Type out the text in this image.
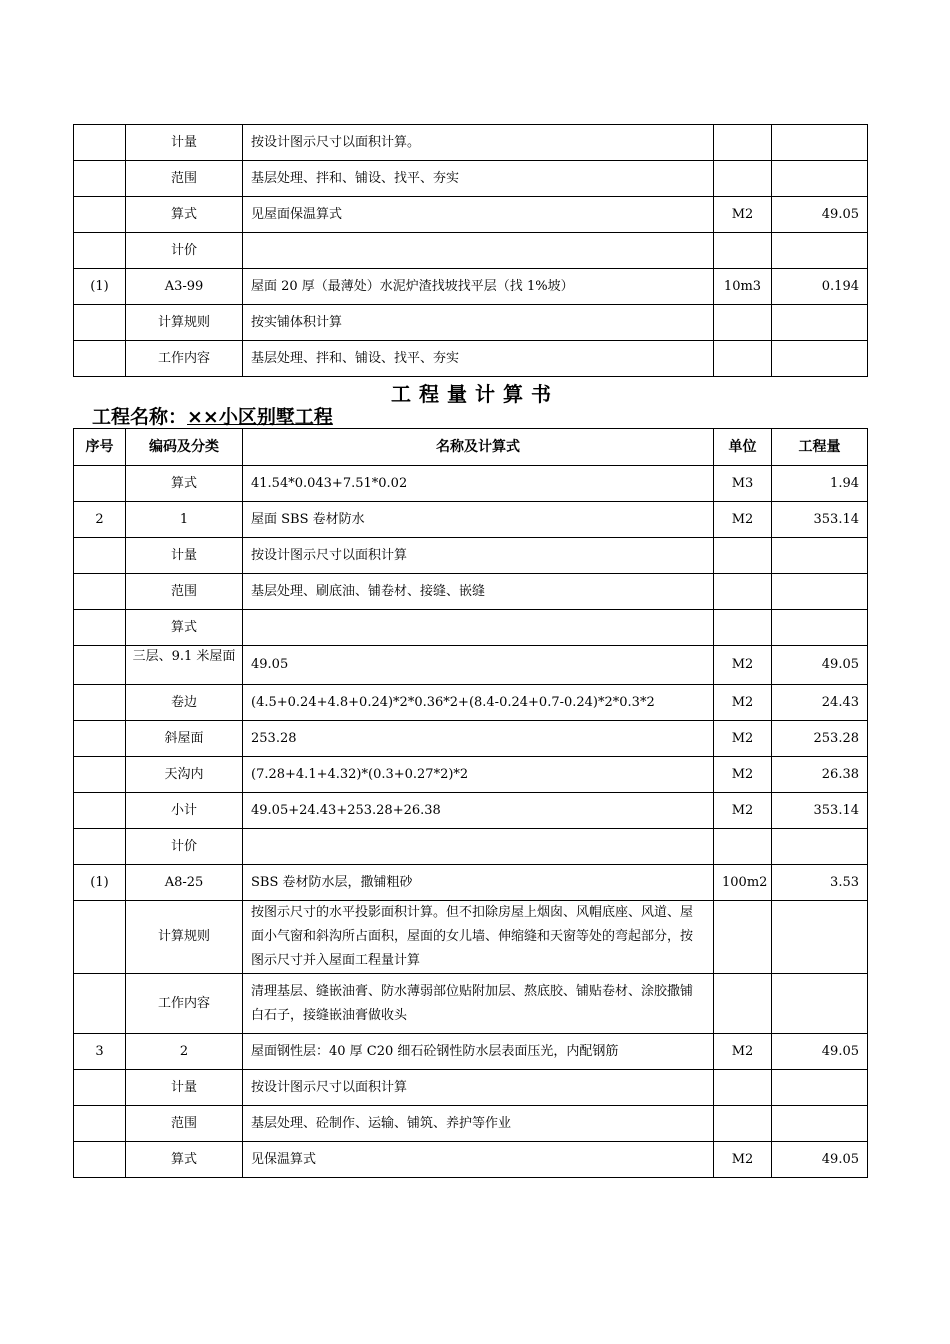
	计量	按设计图示尺寸以面积计算。		
	范围	基层处理、拌和、铺设、找平、夯实		
	算式	见屋面保温算式	M2	49.05
	计价			
(1)	A3-99	屋面 20 厚（最薄处）水泥炉渣找坡找平层（找 1%坡）	10m3	0.194
	计算规则	按实铺体积计算		
	工作内容	基层处理、拌和、铺设、找平、夯实		
工程量计算书
工程名称：××小区别墅工程
序号	编码及分类	名称及计算式	单位	工程量
	算式	41.54*0.043+7.51*0.02	M3	1.94
2	1	屋面 SBS 卷材防水	M2	353.14
	计量	按设计图示尺寸以面积计算		
	范围	基层处理、刷底油、铺卷材、接缝、嵌缝		
	算式			

	三层、9.1 米屋面	49.05	M2	49.05
	卷边	(4.5+0.24+4.8+0.24)*2*0.36*2+(8.4-0.24+0.7-0.24)*2*0.3*2	M2	24.43
	斜屋面	253.28	M2	253.28
	天沟内	(7.28+4.1+4.32)*(0.3+0.27*2)*2	M2	26.38
	小计	49.05+24.43+253.28+26.38	M2	353.14
	计价			
(1)	A8-25	SBS 卷材防水层，撒铺粗砂	100m2	3.53
	计算规则	按图示尺寸的水平投影面积计算。但不扣除房屋上烟囱、风帽底座、风道、屋面小气窗和斜沟所占面积，屋面的女儿墙、伸缩缝和天窗等处的弯起部分，按图示尺寸并入屋面工程量计算		
	工作内容	清理基层、缝嵌油膏、防水薄弱部位贴附加层、熬底胶、铺贴卷材、涂胶撒铺白石子，接缝嵌油膏做收头		
3	2	屋面钢性层：40 厚 C20 细石砼钢性防水层表面压光，内配钢筋	M2	49.05
	计量	按设计图示尺寸以面积计算		
	范围	基层处理、砼制作、运输、铺筑、养护等作业		
	算式	见保温算式	M2	49.05
